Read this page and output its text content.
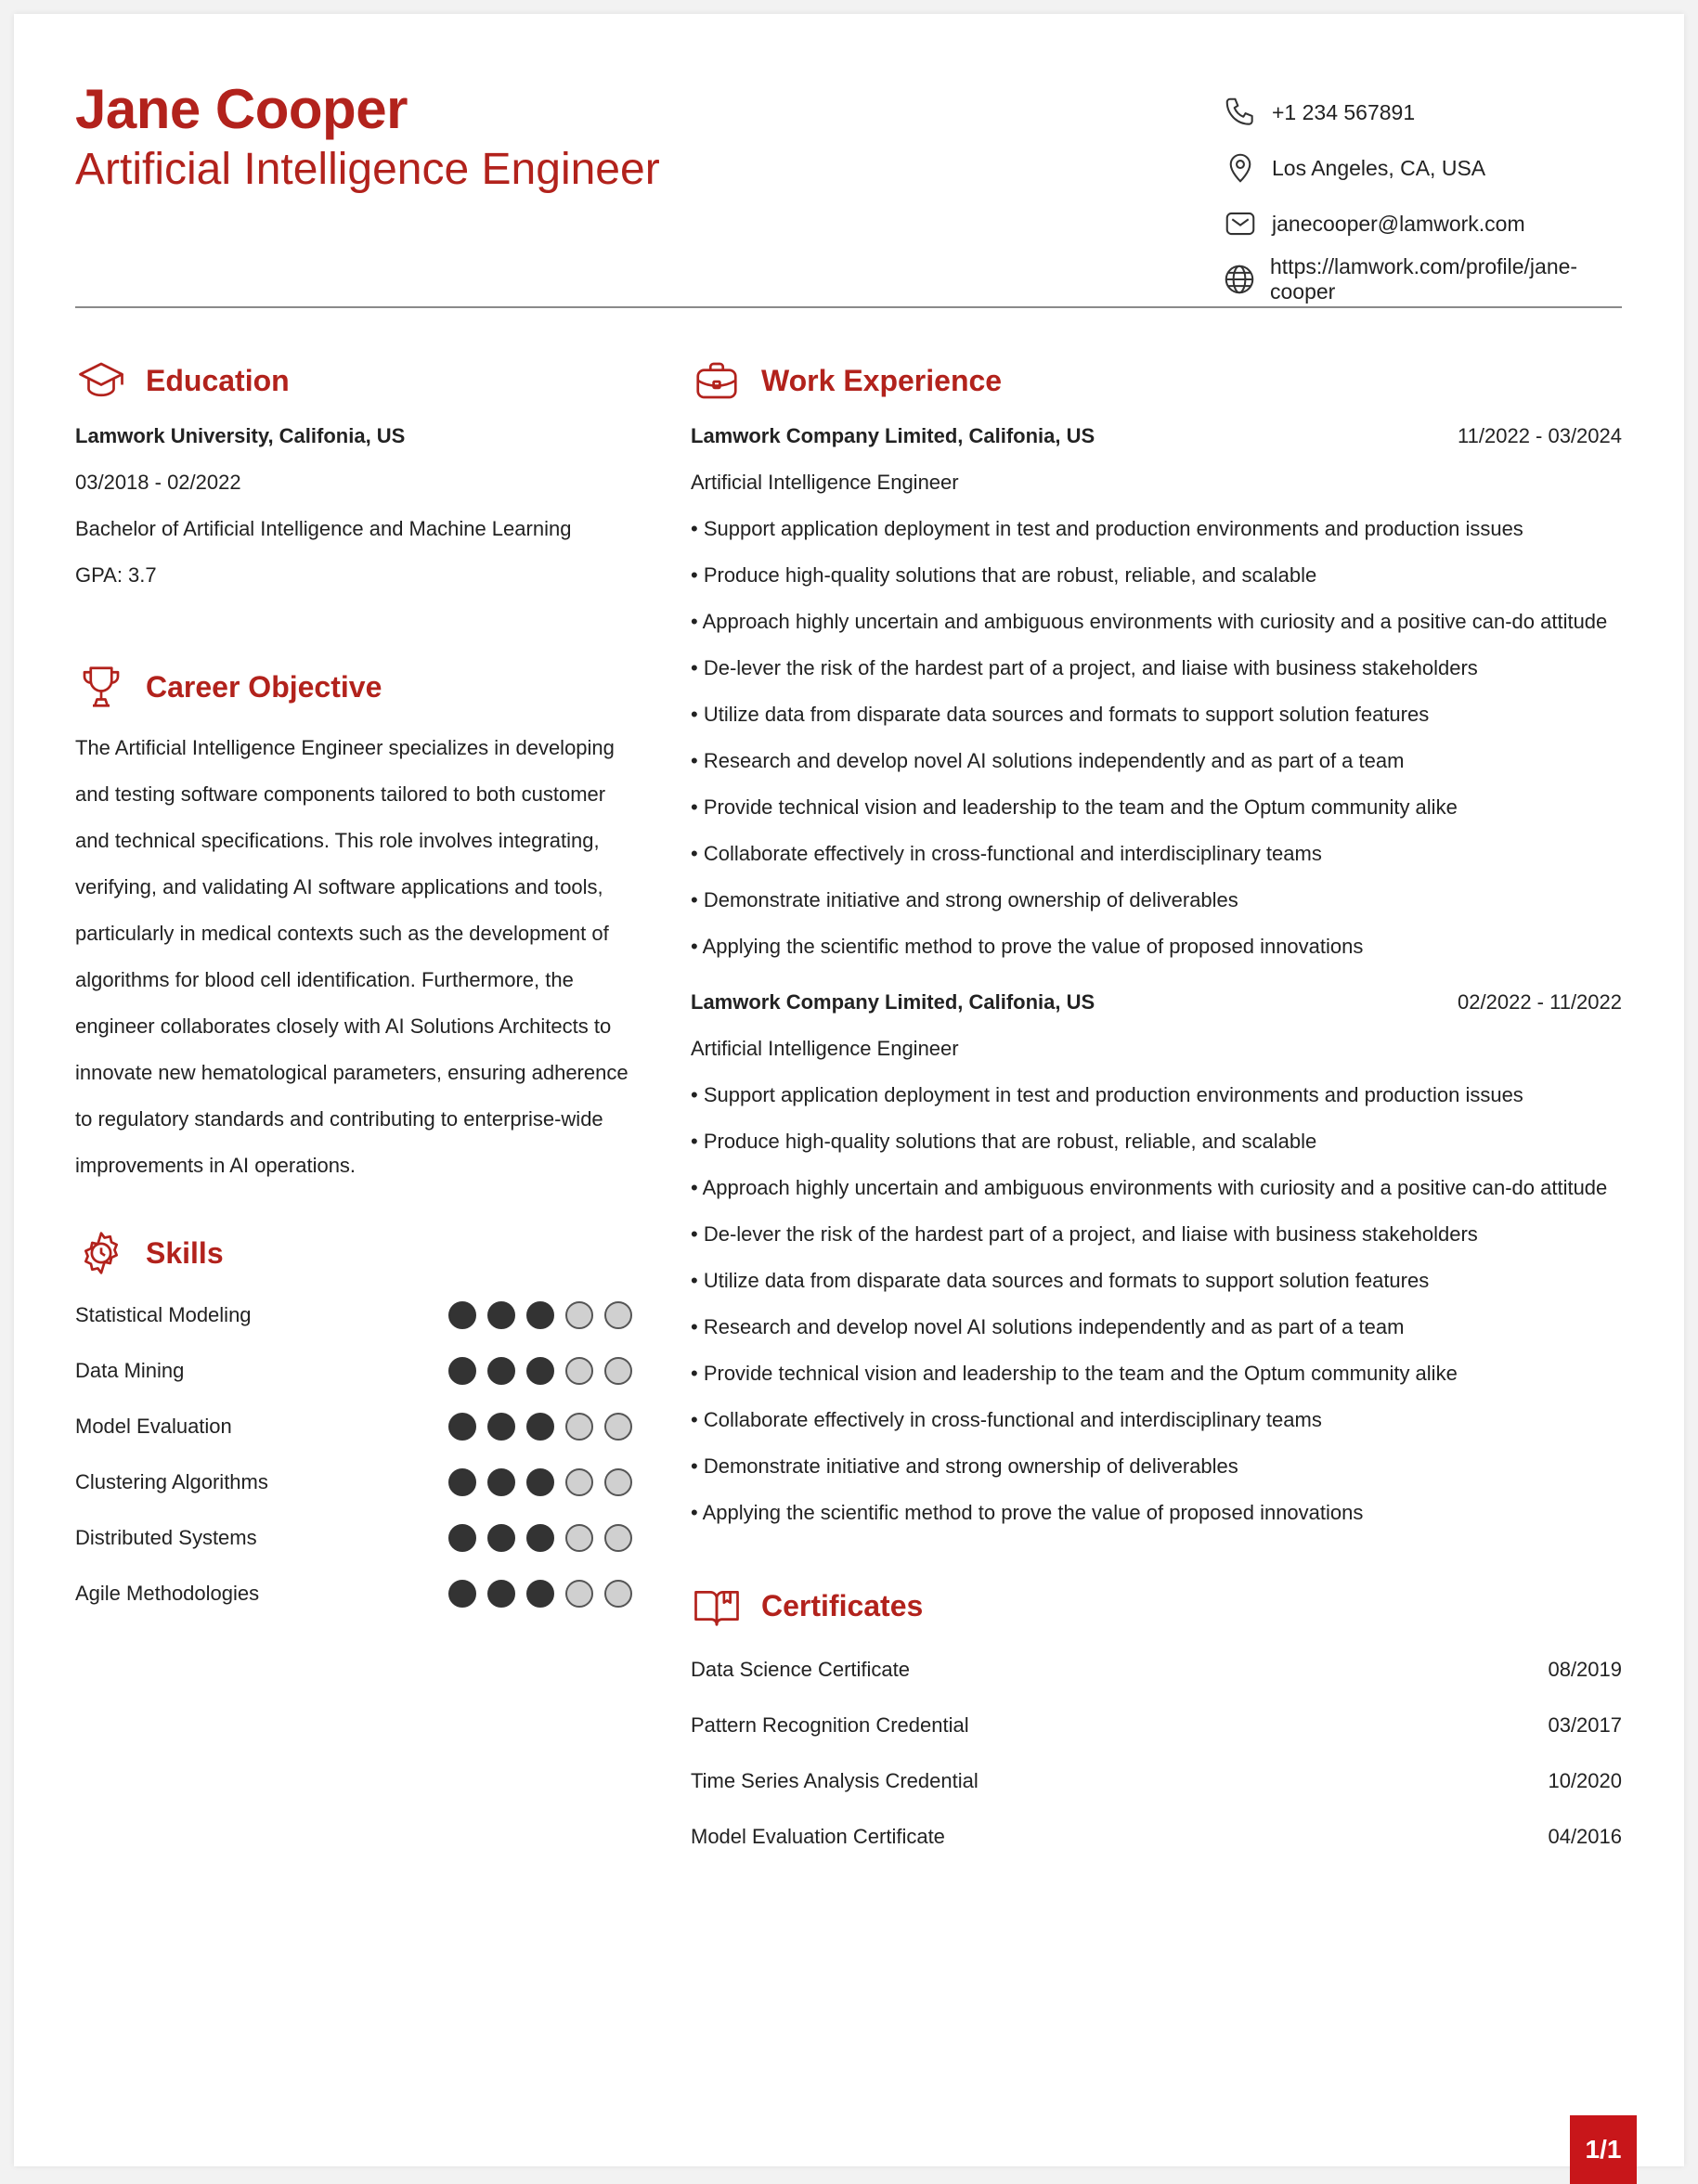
Jane Cooper
Artificial Intelligence Engineer
+1 234 567891
Los Angeles, CA, USA
janecooper@lamwork.com
https://lamwork.com/profile/jane-cooper
Education
Lamwork University, Califonia, US
03/2018 - 02/2022
Bachelor of Artificial Intelligence and Machine Learning
GPA: 3.7
Career Objective
The Artificial Intelligence Engineer specializes in developing and testing software components tailored to both customer and technical specifications. This role involves integrating, verifying, and validating AI software applications and tools, particularly in medical contexts such as the development of algorithms for blood cell identification. Furthermore, the engineer collaborates closely with AI Solutions Architects to innovate new hematological parameters, ensuring adherence to regulatory standards and contributing to enterprise-wide improvements in AI operations.
Skills
Statistical Modeling
Data Mining
Model Evaluation
Clustering Algorithms
Distributed Systems
Agile Methodologies
Work Experience
Lamwork Company Limited, Califonia, US	11/2022 - 03/2024
Artificial Intelligence Engineer
• Support application deployment in test and production environments and production issues
• Produce high-quality solutions that are robust, reliable, and scalable
• Approach highly uncertain and ambiguous environments with curiosity and a positive can-do attitude
• De-lever the risk of the hardest part of a project, and liaise with business stakeholders
• Utilize data from disparate data sources and formats to support solution features
• Research and develop novel AI solutions independently and as part of a team
• Provide technical vision and leadership to the team and the Optum community alike
• Collaborate effectively in cross-functional and interdisciplinary teams
• Demonstrate initiative and strong ownership of deliverables
• Applying the scientific method to prove the value of proposed innovations
Lamwork Company Limited, Califonia, US	02/2022 - 11/2022
Artificial Intelligence Engineer
• Support application deployment in test and production environments and production issues
• Produce high-quality solutions that are robust, reliable, and scalable
• Approach highly uncertain and ambiguous environments with curiosity and a positive can-do attitude
• De-lever the risk of the hardest part of a project, and liaise with business stakeholders
• Utilize data from disparate data sources and formats to support solution features
• Research and develop novel AI solutions independently and as part of a team
• Provide technical vision and leadership to the team and the Optum community alike
• Collaborate effectively in cross-functional and interdisciplinary teams
• Demonstrate initiative and strong ownership of deliverables
• Applying the scientific method to prove the value of proposed innovations
Certificates
Data Science Certificate	08/2019
Pattern Recognition Credential	03/2017
Time Series Analysis Credential	10/2020
Model Evaluation Certificate	04/2016
1/1
